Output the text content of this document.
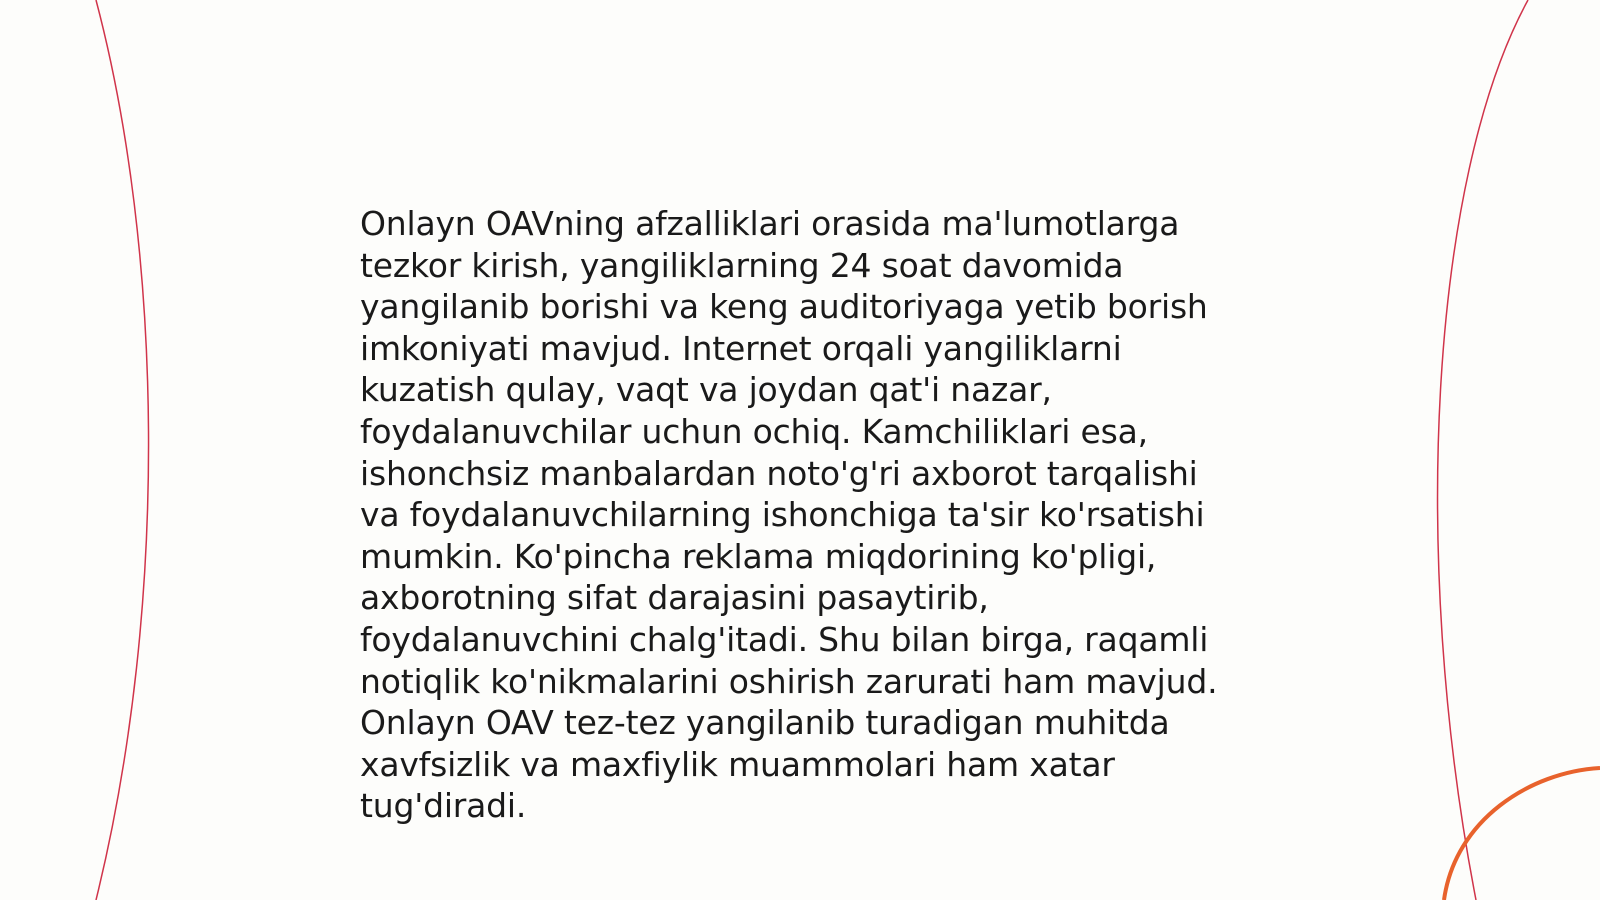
Onlayn OAVning afzalliklari orasida ma'lumotlarga
tezkor kirish, yangiliklarning 24 soat davomida
yangilanib borishi va keng auditoriyaga yetib borish
imkoniyati mavjud. Internet orqali yangiliklarni
kuzatish qulay, vaqt va joydan qat'i nazar,
foydalanuvchilar uchun ochiq. Kamchiliklari esa,
ishonchsiz manbalardan noto'g'ri axborot tarqalishi
va foydalanuvchilarning ishonchiga ta'sir ko'rsatishi
mumkin. Ko'pincha reklama miqdorining ko'pligi,
axborotning sifat darajasini pasaytirib,
foydalanuvchini chalg'itadi. Shu bilan birga, raqamli
notiqlik ko'nikmalarini oshirish zarurati ham mavjud.
Onlayn OAV tez-tez yangilanib turadigan muhitda
xavfsizlik va maxfiylik muammolari ham xatar
tug'diradi.
